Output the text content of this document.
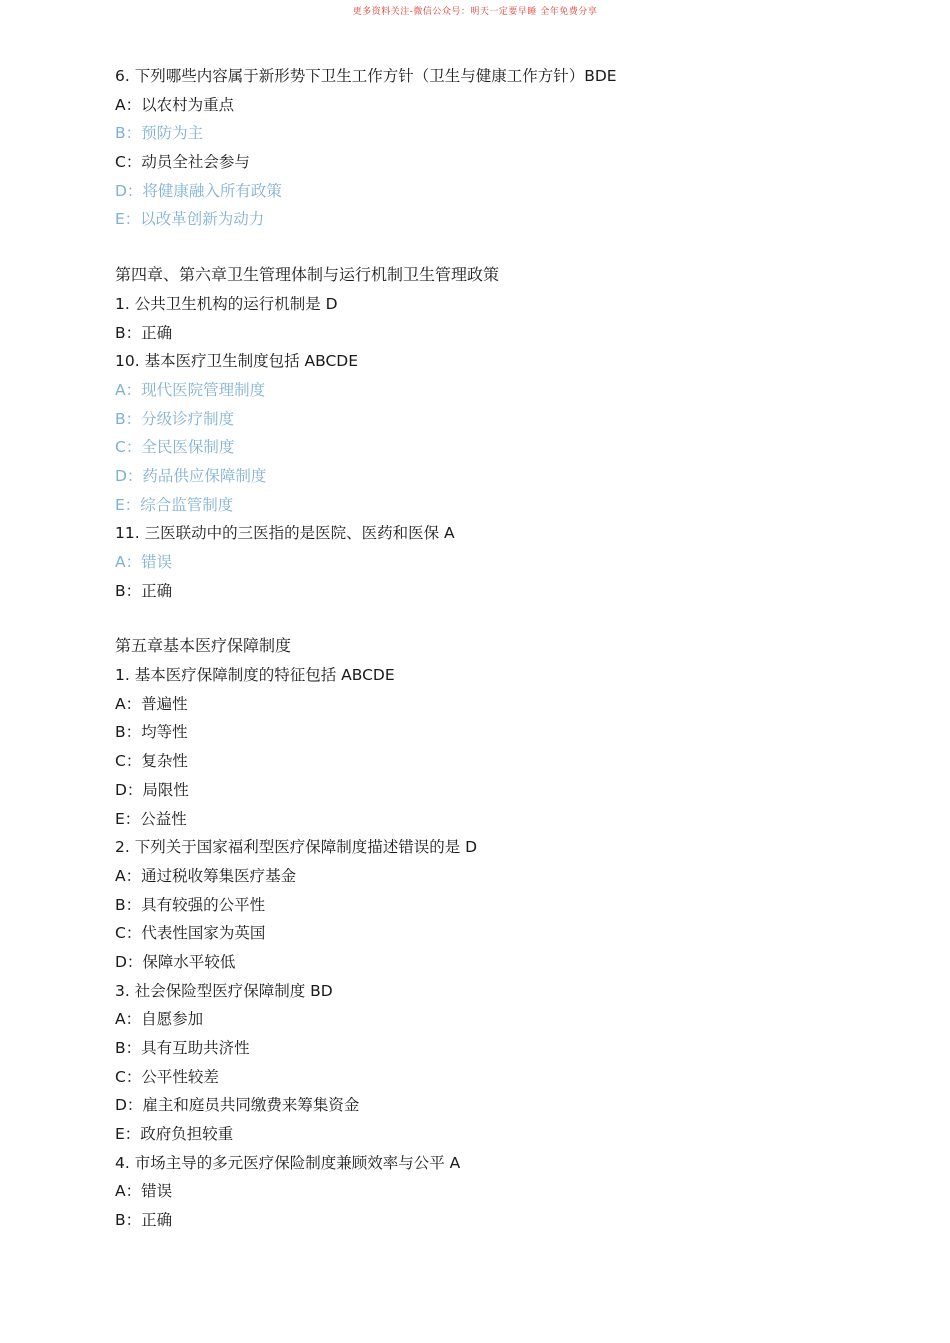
更多资料关注-微信公众号：明天一定要早睡 全年免费分享
6. 下列哪些内容属于新形势下卫生工作方针（卫生与健康工作方针）BDE
A：以农村为重点
B：预防为主
C：动员全社会参与
D：将健康融入所有政策
E：以改革创新为动力
第四章、第六章卫生管理体制与运行机制卫生管理政策
1. 公共卫生机构的运行机制是 D
B：正确
10. 基本医疗卫生制度包括 ABCDE
A：现代医院管理制度
B：分级诊疗制度
C：全民医保制度
D：药品供应保障制度
E：综合监管制度
11. 三医联动中的三医指的是医院、医药和医保 A
A：错误
B：正确
第五章基本医疗保障制度
1. 基本医疗保障制度的特征包括 ABCDE
A：普遍性
B：均等性
C：复杂性
D：局限性
E：公益性
2. 下列关于国家福利型医疗保障制度描述错误的是 D
A：通过税收筹集医疗基金
B：具有较强的公平性
C：代表性国家为英国
D：保障水平较低
3. 社会保险型医疗保障制度 BD
A：自愿参加
B：具有互助共济性
C：公平性较差
D：雇主和庭员共同缴费来筹集资金
E：政府负担较重
4. 市场主导的多元医疗保险制度兼顾效率与公平 A
A：错误
B：正确
